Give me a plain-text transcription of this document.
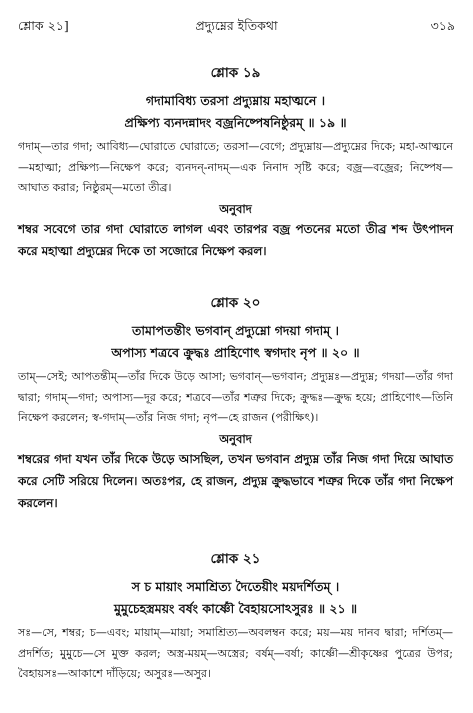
শ্লোক ২১]	প্রদ্যুম্নের ইতিকথা	৩১৯
শ্লোক ১৯
গদামাবিধ্য তরসা প্রদ্যুম্নায় মহাত্মনে ।
প্রক্ষিপ্য ব্যনদন্নাদং বজ্রনিষ্পেষনিষ্ঠুরম্ ॥ ১৯ ॥
গদাম্—তার গদা; আবিধ্য—ঘোরাতে ঘোরাতে; তরসা—বেগে; প্রদ্যুম্নায়—প্রদ্যুম্নের দিকে; মহা-আত্মনে—মহাত্মা; প্রক্ষিপ্য—নিক্ষেপ করে; ব্যনদন্-নাদম্—এক নিনাদ সৃষ্টি করে; বজ্র—বজ্রের; নিষ্পেষ—আঘাত করার; নিষ্ঠুরম্—মতো তীব্র।
অনুবাদ
শম্বর সবেগে তার গদা ঘোরাতে লাগল এবং তারপর বজ্র পতনের মতো তীব্র শব্দ উৎপাদন করে মহাত্মা প্রদ্যুম্নের দিকে তা সজোরে নিক্ষেপ করল।
শ্লোক ২০
তামাপতন্তীং ভগবান্ প্রদ্যুম্নো গদয়া গদাম্ ।
অপাস্য শত্রবে ক্রুদ্ধঃ প্রাহিণোৎ স্বগদাং নৃপ ॥ ২০ ॥
তাম্—সেই; আপতন্তীম্—তাঁর দিকে উড়ে আসা; ভগবান্—ভগবান; প্রদ্যুম্নঃ—প্রদ্যুম্ন; গদয়া—তাঁর গদা দ্বারা; গদাম্—গদা; অপাস্য—দূর করে; শত্রবে—তাঁর শত্রুর দিকে; ক্রুদ্ধঃ—ক্রুদ্ধ হয়ে; প্রাহিণোৎ—তিনি নিক্ষেপ করলেন; স্ব-গদাম্—তাঁর নিজ গদা; নৃপ—হে রাজন (পরীক্ষিৎ)।
অনুবাদ
শম্বরের গদা যখন তাঁর দিকে উড়ে আসছিল, তখন ভগবান প্রদ্যুম্ন তাঁর নিজ গদা দিয়ে আঘাত করে সেটি সরিয়ে দিলেন। অতঃপর, হে রাজন, প্রদ্যুম্ন ক্রুদ্ধভাবে শত্রুর দিকে তাঁর গদা নিক্ষেপ করলেন।
শ্লোক ২১
স চ মায়াং সমাশ্রিত্য দৈতেয়ীং ময়দর্শিতম্ ।
মুমুচেহস্ত্রময়ং বর্ষং কার্ষ্ণৌ বৈহায়সোঽসুরঃ ॥ ২১ ॥
সঃ—সে, শম্বর; চ—এবং; মায়াম্—মায়া; সমাশ্রিত্য—অবলম্বন করে; ময়—ময় দানব দ্বারা; দর্শিতম্—প্রদর্শিত; মুমুচে—সে মুক্ত করল; অস্ত্র-ময়ম্—অস্ত্রের; বর্ষম্—বর্ষা; কার্ষ্ণৌ—শ্রীকৃষ্ণের পুত্রের উপর; বৈহায়সঃ—আকাশে দাঁড়িয়ে; অসুরঃ—অসুর।
